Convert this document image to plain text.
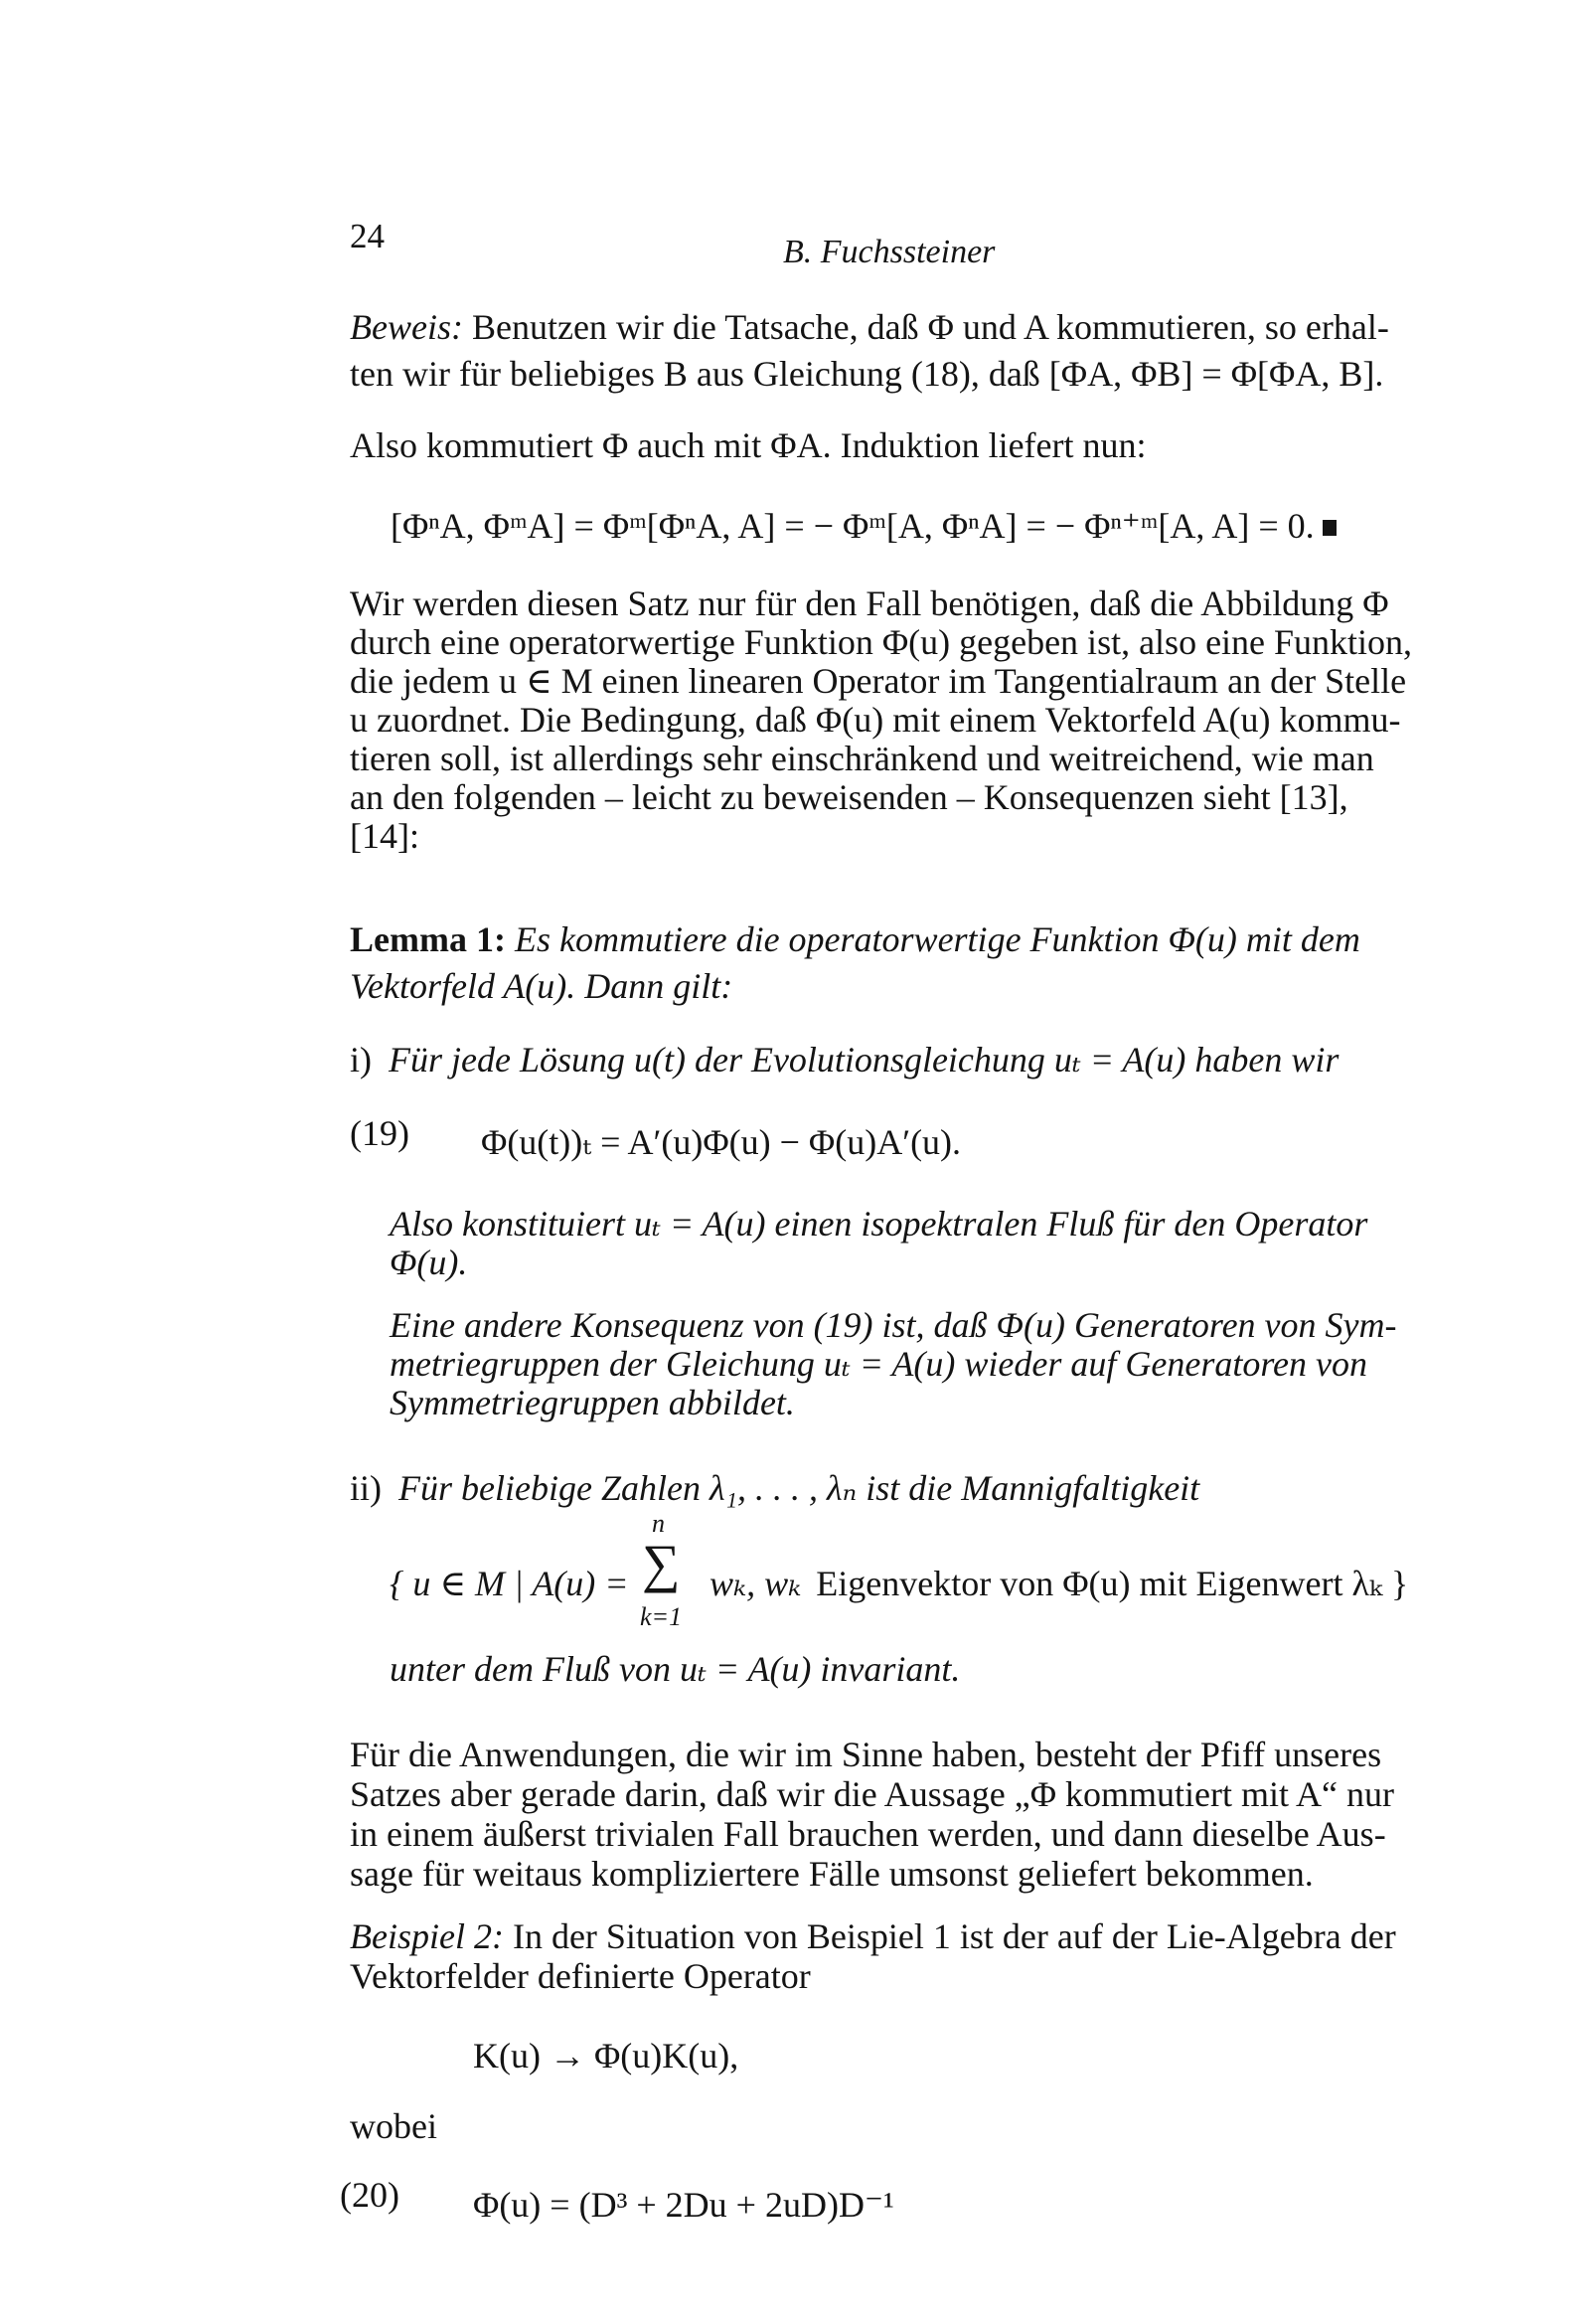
24	B. Fuchssteiner
Beweis: Benutzen wir die Tatsache, daß Φ und A kommutieren, so erhal-
ten wir für beliebiges B aus Gleichung (18), daß [ΦA, ΦB] = Φ[ΦA, B].
Also kommutiert Φ auch mit ΦA. Induktion liefert nun:
[ΦⁿA, ΦᵐA] = Φᵐ[ΦⁿA, A] = − Φᵐ[A, ΦⁿA] = − Φⁿ⁺ᵐ[A, A] = 0.
Wir werden diesen Satz nur für den Fall benötigen, daß die Abbildung Φ
durch eine operatorwertige Funktion Φ(u) gegeben ist, also eine Funktion,
die jedem u ∈ M einen linearen Operator im Tangentialraum an der Stelle
u zuordnet. Die Bedingung, daß Φ(u) mit einem Vektorfeld A(u) kommu-
tieren soll, ist allerdings sehr einschränkend und weitreichend, wie man
an den folgenden – leicht zu beweisenden – Konsequenzen sieht [13],
[14]:
Lemma 1: Es kommutiere die operatorwertige Funktion Φ(u) mit dem
Vektorfeld A(u). Dann gilt:
i) Für jede Lösung u(t) der Evolutionsgleichung uₜ = A(u) haben wir
(19) Φ(u(t))ₜ = A′(u)Φ(u) − Φ(u)A′(u).
Also konstituiert uₜ = A(u) einen isopektralen Fluß für den Operator
Φ(u).
Eine andere Konsequenz von (19) ist, daß Φ(u) Generatoren von Sym-
metriegruppen der Gleichung uₜ = A(u) wieder auf Generatoren von
Symmetriegruppen abbildet.
ii) Für beliebige Zahlen λ₁, . . . , λₙ ist die Mannigfaltigkeit
{ u ∈ M | A(u) =
n
∑
k=1
wₖ, wₖ Eigenvektor von Φ(u) mit Eigenwert λₖ }
unter dem Fluß von uₜ = A(u) invariant.
Für die Anwendungen, die wir im Sinne haben, besteht der Pfiff unseres
Satzes aber gerade darin, daß wir die Aussage „Φ kommutiert mit A“ nur
in einem äußerst trivialen Fall brauchen werden, und dann dieselbe Aus-
sage für weitaus kompliziertere Fälle umsonst geliefert bekommen.
Beispiel 2: In der Situation von Beispiel 1 ist der auf der Lie-Algebra der
Vektorfelder definierte Operator
K(u) → Φ(u)K(u),
wobei
(20) Φ(u) = (D³ + 2Du + 2uD)D⁻¹
